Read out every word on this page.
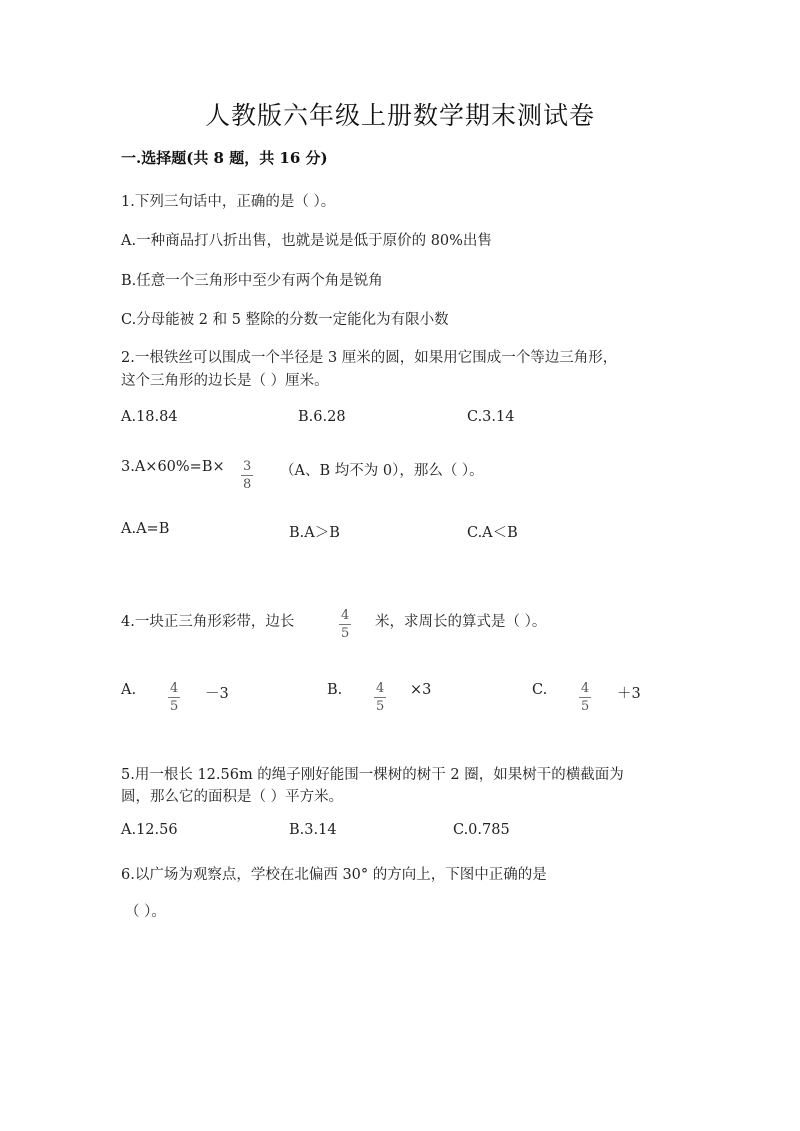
人教版六年级上册数学期末测试卷
一.选择题(共 8 题，共 16 分)
1.下列三句话中，正确的是（ ）。
A.一种商品打八折出售，也就是说是低于原价的 80%出售
B.任意一个三角形中至少有两个角是锐角
C.分母能被 2 和 5 整除的分数一定能化为有限小数
2.一根铁丝可以围成一个半径是 3 厘米的圆，如果用它围成一个等边三角形，
这个三角形的边长是（ ）厘米。
A.18.84	B.6.28	C.3.14
$3.A\times 60\%=B\times \frac{3}{8} (A$、B 均不为 0），那么（ ）。
A.A=B	B.A＞B	C.A＜B
4.一块正三角形彩带，边长	$\frac{4}{5}$ 米，求周长的算式是（ ）。
A. $\frac{4}{5} -3$	B. $\frac{4}{5} \times 3$	C. $\frac{4}{5} +3$
5.用一根长 12.56m 的绳子刚好能围一棵树的树干 2 圈，如果树干的横截面为
圆，那么它的面积是（ ）平方米。
A.12.56	B.3.14	C.0.785
6.以广场为观察点，学校在北偏西 30° 的方向上，下图中正确的是
（ ）。
